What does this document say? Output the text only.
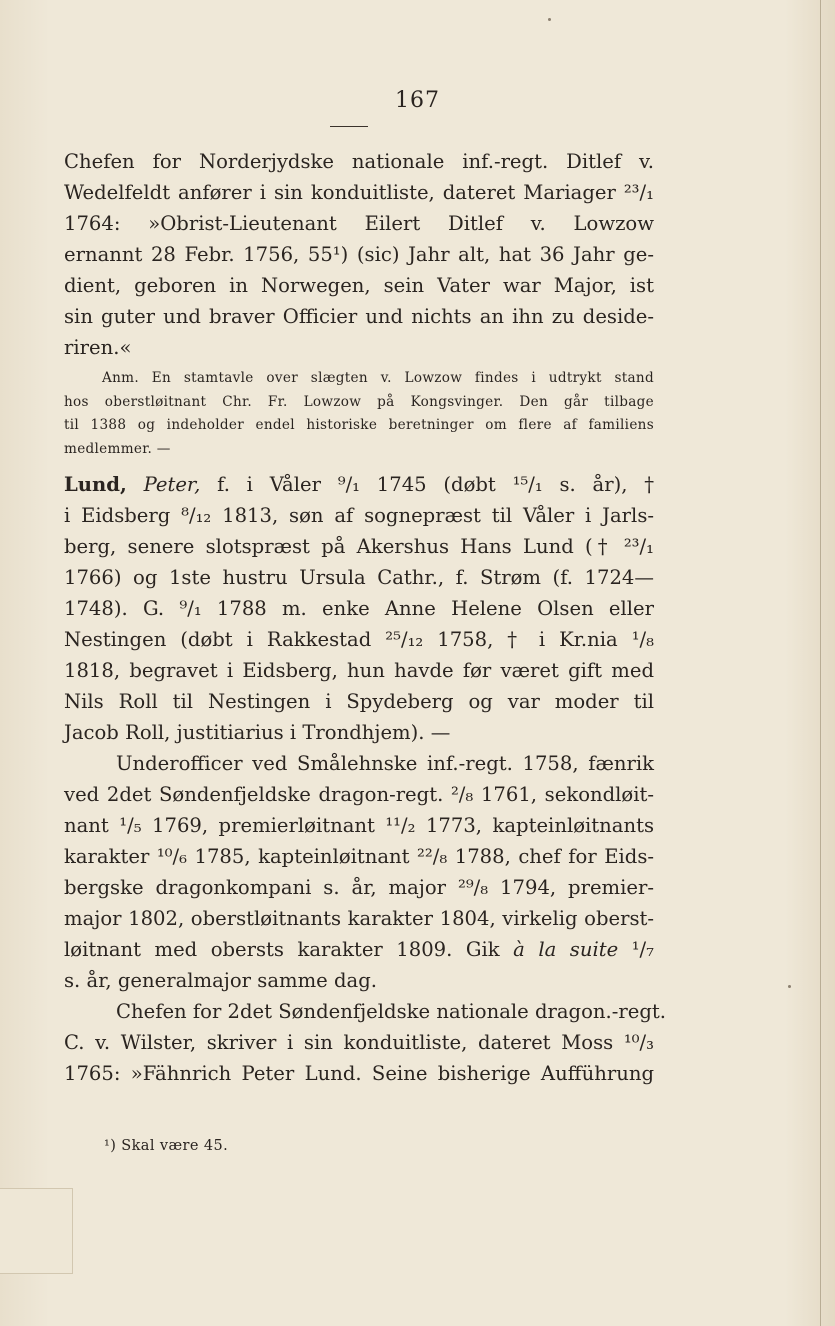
167
Chefen for Norderjydske nationale inf.-regt. Ditlef v.
Wedelfeldt anfører i sin konduitliste, dateret Mariager ²³/₁
1764: »Obrist-Lieutenant Eilert Ditlef v. Lowzow
ernannt 28 Febr. 1756, 55¹) (sic) Jahr alt, hat 36 Jahr ge-
dient, geboren in Norwegen, sein Vater war Major, ist
sin guter und braver Officier und nichts an ihn zu deside-
riren.«
Anm. En stamtavle over slægten v. Lowzow findes i udtrykt stand
hos oberstløitnant Chr. Fr. Lowzow på Kongsvinger. Den går tilbage
til 1388 og indeholder endel historiske beretninger om flere af familiens
medlemmer. —
Lund, Peter, f. i Våler ⁹/₁ 1745 (døbt ¹⁵/₁ s. år), †
i Eidsberg ⁸/₁₂ 1813, søn af sognepræst til Våler i Jarls-
berg, senere slotspræst på Akershus Hans Lund († ²³/₁
1766) og 1ste hustru Ursula Cathr., f. Strøm (f. 1724—
1748). G. ⁹/₁ 1788 m. enke Anne Helene Olsen eller
Nestingen (døbt i Rakkestad ²⁵/₁₂ 1758, † i Kr.nia ¹/₈
1818, begravet i Eidsberg, hun havde før været gift med
Nils Roll til Nestingen i Spydeberg og var moder til
Jacob Roll, justitiarius i Trondhjem). —
Underofficer ved Smålehnske inf.-regt. 1758, fænrik
ved 2det Søndenfjeldske dragon-regt. ²/₈ 1761, sekondløit-
nant ¹/₅ 1769, premierløitnant ¹¹/₂ 1773, kapteinløitnants
karakter ¹⁰/₆ 1785, kapteinløitnant ²²/₈ 1788, chef for Eids-
bergske dragonkompani s. år, major ²⁹/₈ 1794, premier-
major 1802, oberstløitnants karakter 1804, virkelig oberst-
løitnant med obersts karakter 1809. Gik à la suite ¹/₇
s. år, generalmajor samme dag.
Chefen for 2det Søndenfjeldske nationale dragon.-regt.
C. v. Wilster, skriver i sin konduitliste, dateret Moss ¹⁰/₃
1765: »Fähnrich Peter Lund. Seine bisherige Aufführung
¹) Skal være 45.
